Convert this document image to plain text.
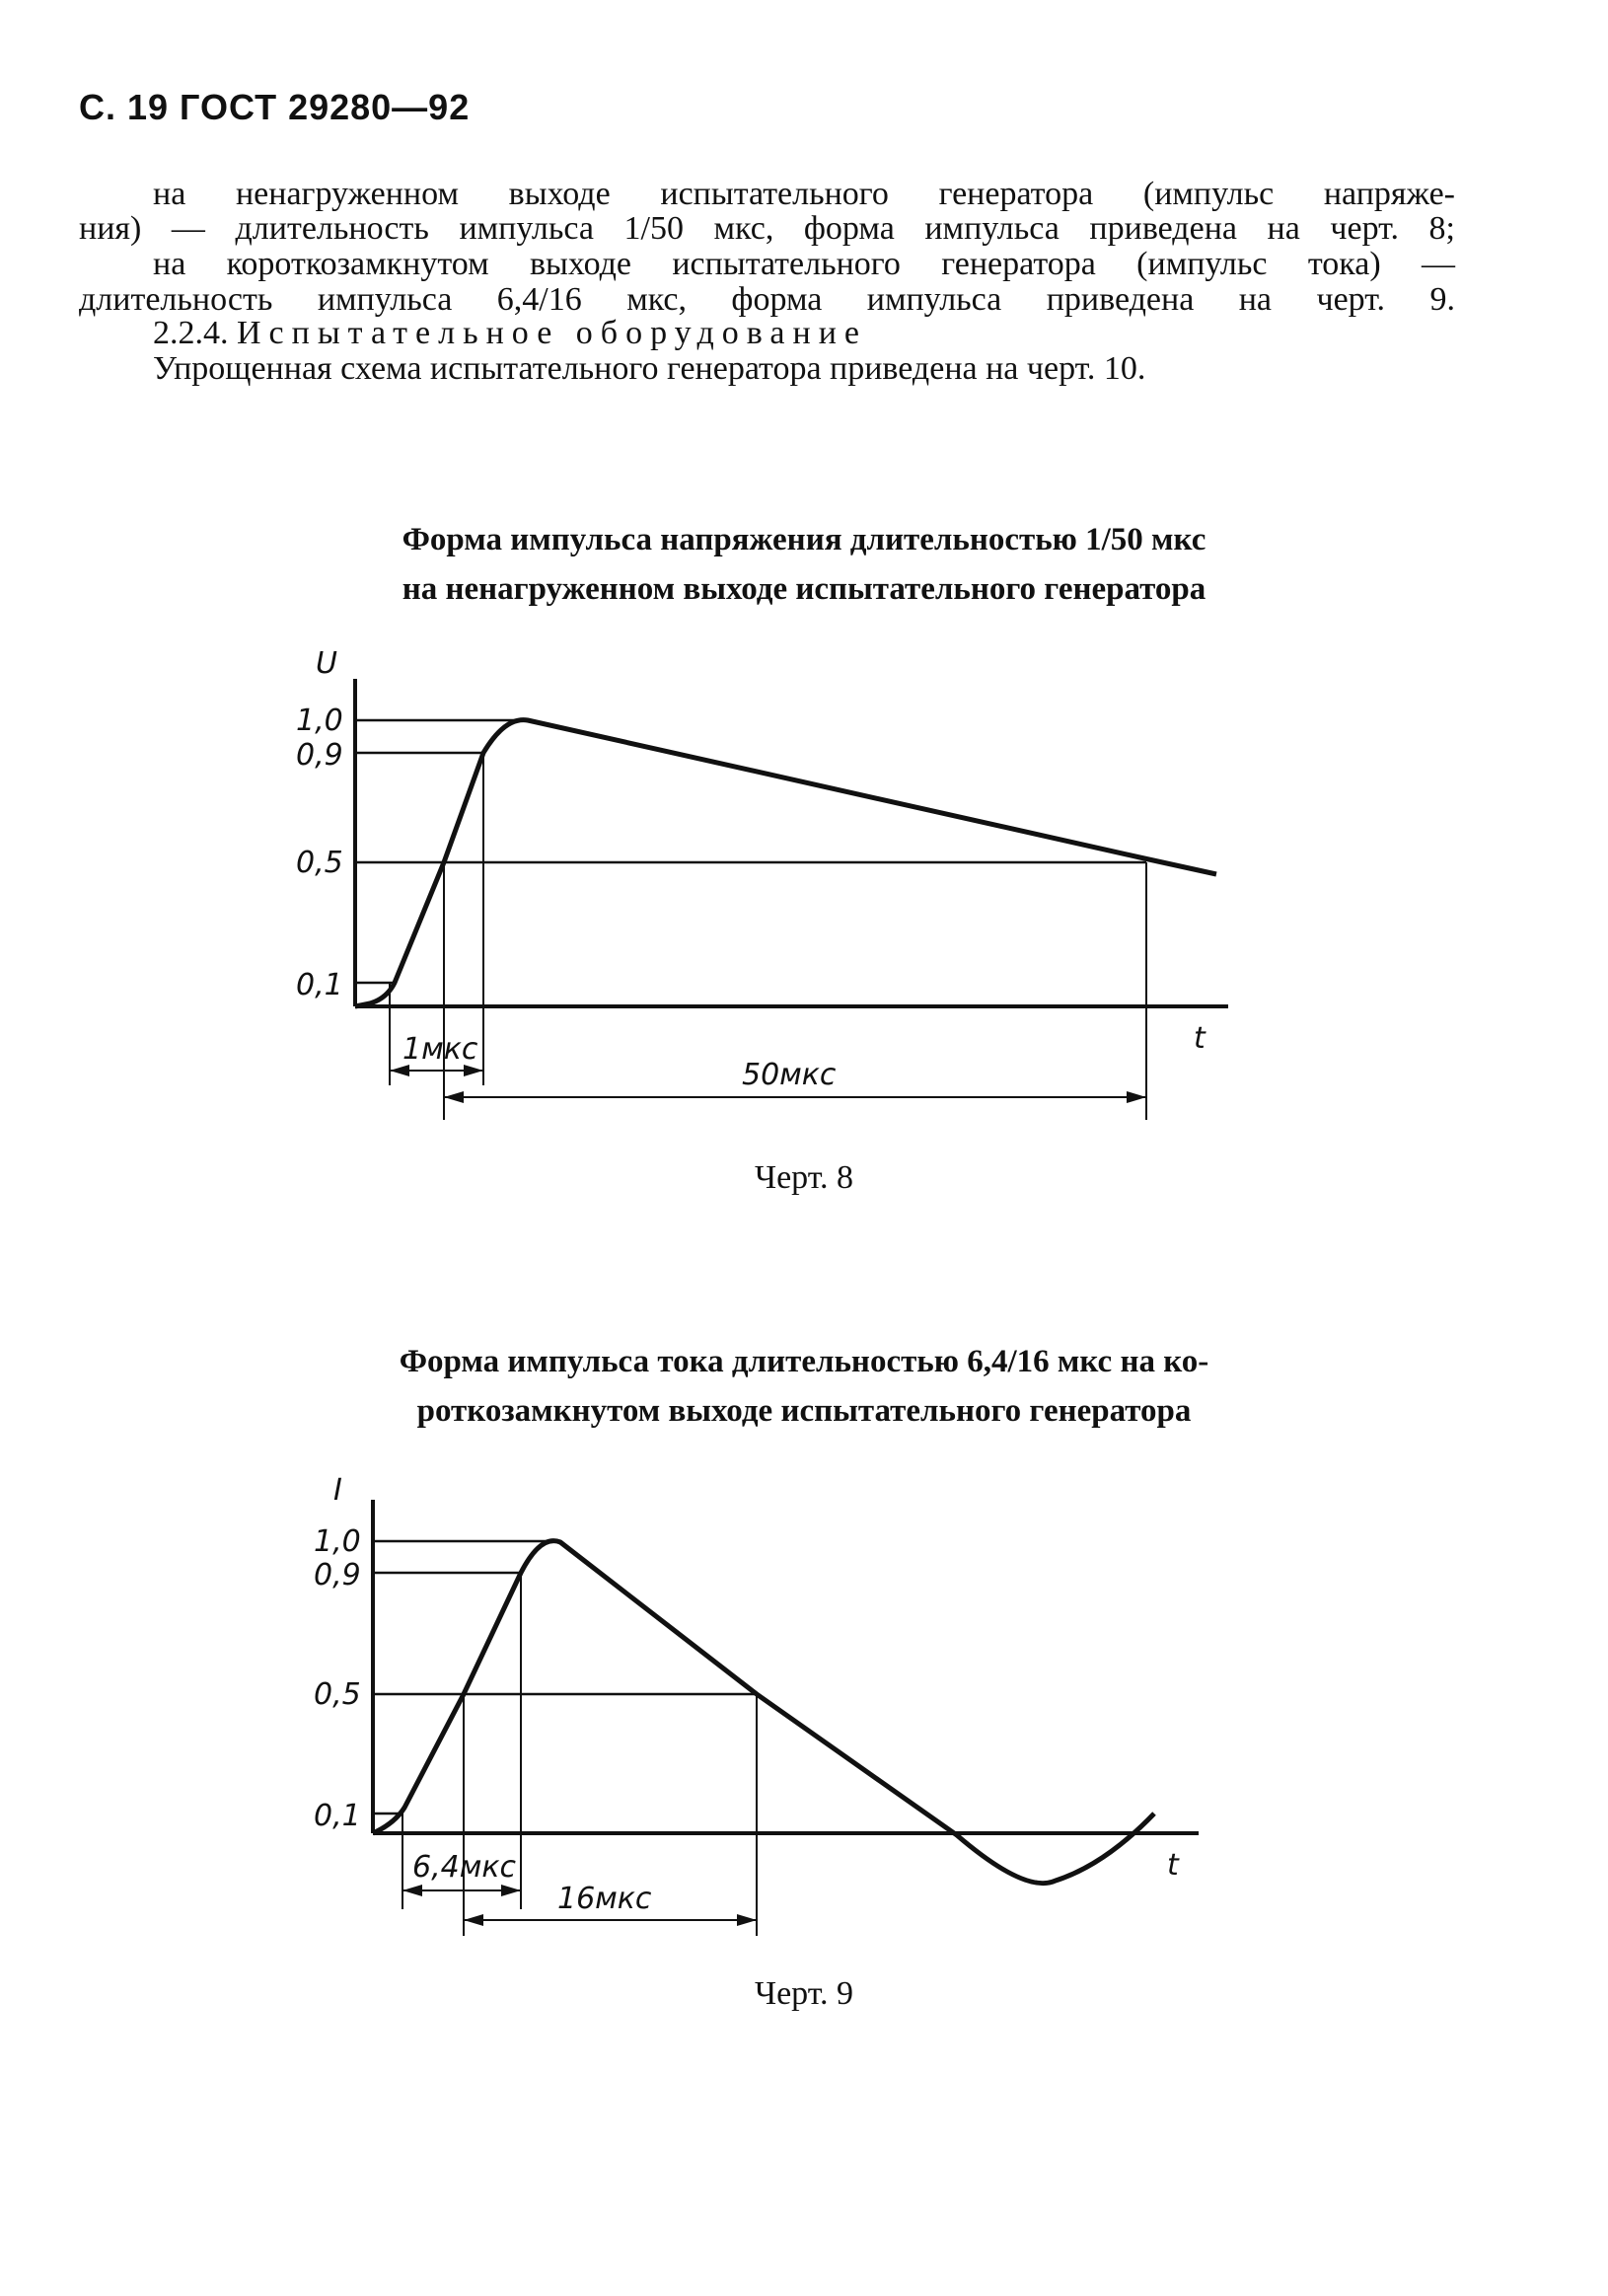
С. 19 ГОСТ 29280—92
на ненагруженном выходе испытательного генератора (импульс напряже-
ния) — длительность импульса 1/50 мкс, форма импульса приведена на черт. 8;
на короткозамкнутом выходе испытательного генератора (импульс тока) —
длительность импульса 6,4/16 мкс, форма импульса приведена на черт. 9.
2.2.4. Испытательное оборудование
Упрощенная схема испытательного генератора приведена на черт. 10.
Форма импульса напряжения длительностью 1/50 мкс
на ненагруженном выходе испытательного генератора
U
1,0
0,9
0,5
0,1
t
1мкс
50мкс
Черт. 8
Форма импульса тока длительностью 6,4/16 мкс на ко-
роткозамкнутом выходе испытательного генератора
I
1,0
0,9
0,5
0,1
t
6,4мкс
16мкс
Черт. 9
